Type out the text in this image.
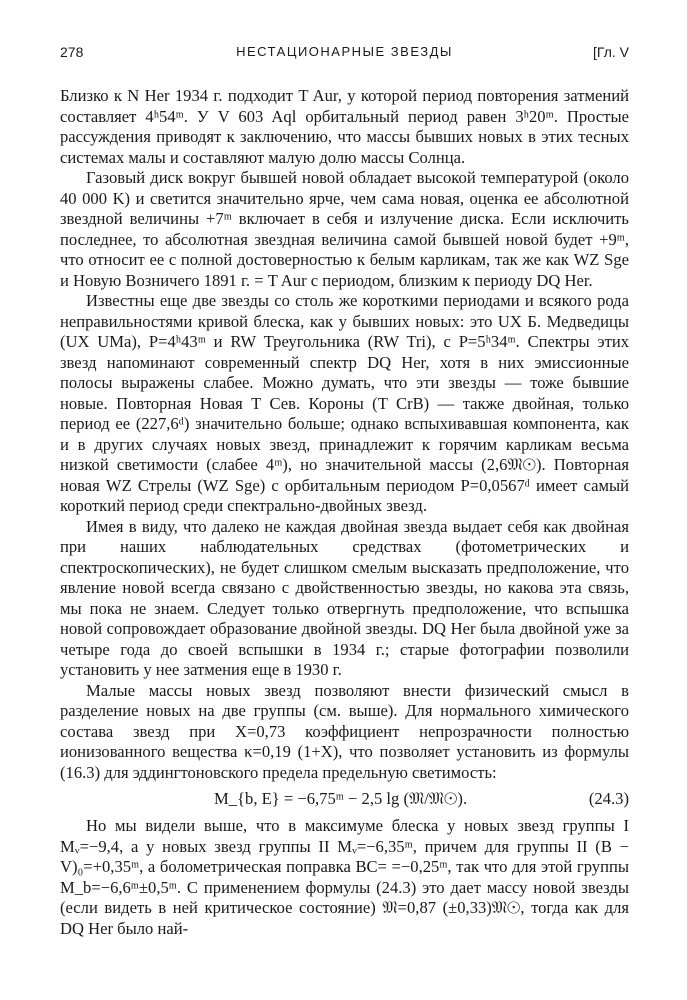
278	НЕСТАЦИОНАРНЫЕ ЗВЕЗДЫ	[Гл. V

Близко к N Her 1934 г. подходит T Aur, у которой период повторения затмений составляет 4ʰ54ᵐ. У V 603 Aql орбитальный период равен 3ʰ20ᵐ. Простые рассуждения приводят к заключению, что массы бывших новых в этих тесных системах малы и составляют малую долю массы Солнца.

Газовый диск вокруг бывшей новой обладает высокой температурой (около 40 000 K) и светится значительно ярче, чем сама новая, оценка ее абсолютной звездной величины +7ᵐ включает в себя и излучение диска. Если исключить последнее, то абсолютная звездная величина самой бывшей новой будет +9ᵐ, что относит ее с полной достоверностью к белым карликам, так же как WZ Sge и Новую Возничего 1891 г. = T Aur с периодом, близким к периоду DQ Her.

Известны еще две звезды со столь же короткими периодами и всякого рода неправильностями кривой блеска, как у бывших новых: это UX Б. Медведицы (UX UMa), P=4ʰ43ᵐ и RW Треугольника (RW Tri), с P=5ʰ34ᵐ. Спектры этих звезд напоминают современный спектр DQ Her, хотя в них эмиссионные полосы выражены слабее. Можно думать, что эти звезды — тоже бывшие новые. Повторная Новая T Сев. Короны (T CrB) — также двойная, только период ее (227,6ᵈ) значительно больше; однако вспыхивавшая компонента, как и в других случаях новых звезд, принадлежит к горячим карликам весьма низкой светимости (слабее 4ᵐ), но значительной массы (2,6𝔐☉). Повторная новая WZ Стрелы (WZ Sge) с орбитальным периодом P=0,0567ᵈ имеет самый короткий период среди спектрально-двойных звезд.

Имея в виду, что далеко не каждая двойная звезда выдает себя как двойная при наших наблюдательных средствах (фотометрических и спектроскопических), не будет слишком смелым высказать предположение, что явление новой всегда связано с двойственностью звезды, но какова эта связь, мы пока не знаем. Следует только отвергнуть предположение, что вспышка новой сопровождает образование двойной звезды. DQ Her была двойной уже за четыре года до своей вспышки в 1934 г.; старые фотографии позволили установить у нее затмения еще в 1930 г.

Малые массы новых звезд позволяют внести физический смысл в разделение новых на две группы (см. выше). Для нормального химического состава звезд при X=0,73 коэффициент непрозрачности полностью ионизованного вещества κ=0,19 (1+X), что позволяет установить из формулы (16.3) для эддингтоновского предела предельную светимость:

M_{b, E} = −6,75ᵐ − 2,5 lg (𝔐/𝔐☉).	(24.3)

Но мы видели выше, что в максимуме блеска у новых звезд группы I Mᵥ=−9,4, а у новых звезд группы II Mᵥ=−6,35ᵐ, причем для группы II (B − V)₀=+0,35ᵐ, а болометрическая поправка BC= =−0,25ᵐ, так что для этой группы M_b=−6,6ᵐ±0,5ᵐ. С применением формулы (24.3) это дает массу новой звезды (если видеть в ней критическое состояние) 𝔐=0,87 (±0,33)𝔐☉, тогда как для DQ Her было най-
